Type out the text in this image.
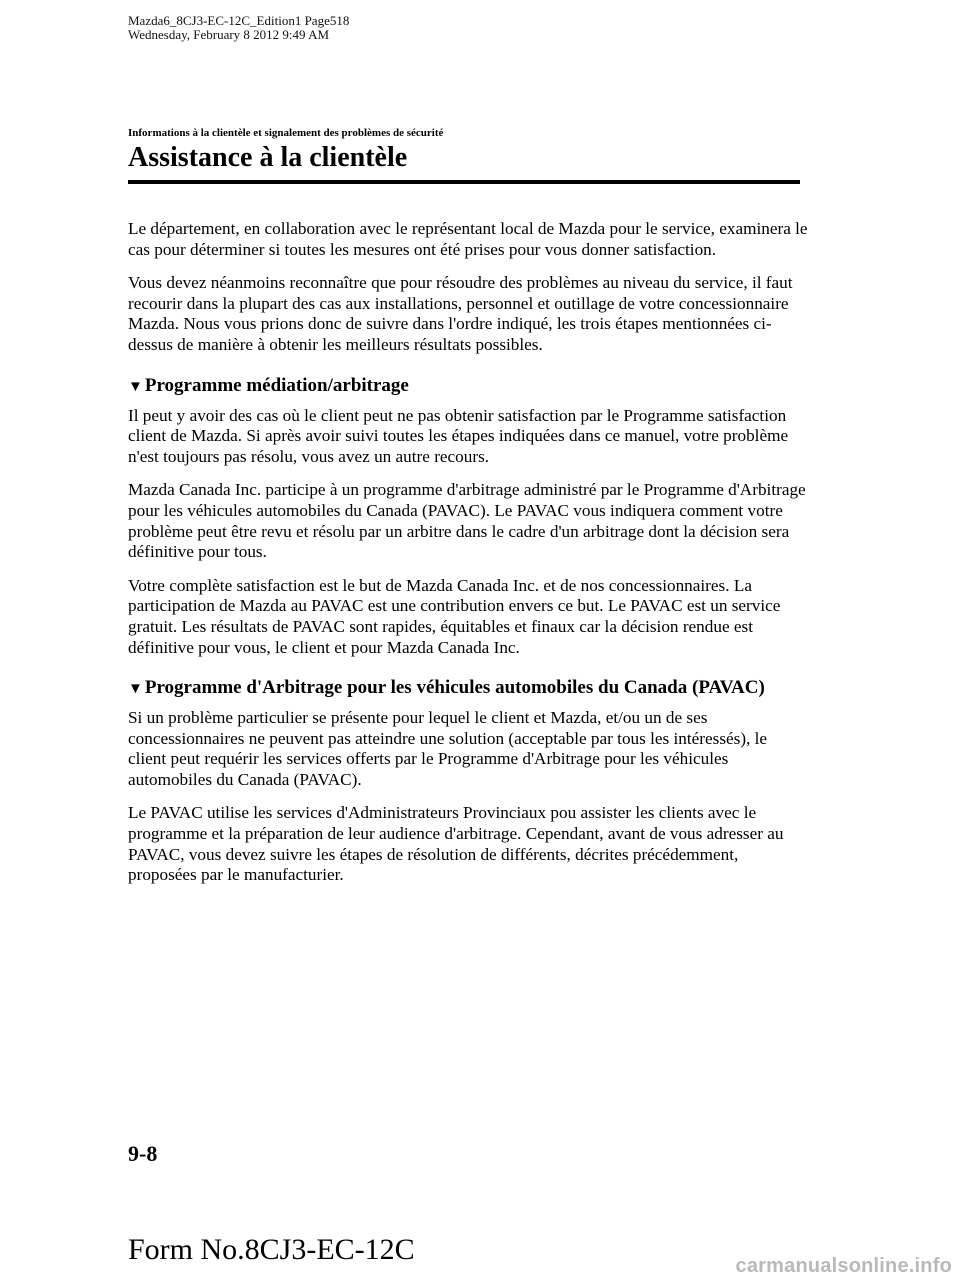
Mazda6_8CJ3-EC-12C_Edition1 Page518
Wednesday, February 8 2012 9:49 AM
Informations à la clientèle et signalement des problèmes de sécurité
Assistance à la clientèle

Le département, en collaboration avec le représentant local de Mazda pour le service, examinera le cas pour déterminer si toutes les mesures ont été prises pour vous donner satisfaction.

Vous devez néanmoins reconnaître que pour résoudre des problèmes au niveau du service, il faut recourir dans la plupart des cas aux installations, personnel et outillage de votre concessionnaire Mazda. Nous vous prions donc de suivre dans l'ordre indiqué, les trois étapes mentionnées ci-dessus de manière à obtenir les meilleurs résultats possibles.

▼ Programme médiation/arbitrage

Il peut y avoir des cas où le client peut ne pas obtenir satisfaction par le Programme satisfaction client de Mazda. Si après avoir suivi toutes les étapes indiquées dans ce manuel, votre problème n'est toujours pas résolu, vous avez un autre recours.

Mazda Canada Inc. participe à un programme d'arbitrage administré par le Programme d'Arbitrage pour les véhicules automobiles du Canada (PAVAC). Le PAVAC vous indiquera comment votre problème peut être revu et résolu par un arbitre dans le cadre d'un arbitrage dont la décision sera définitive pour tous.

Votre complète satisfaction est le but de Mazda Canada Inc. et de nos concessionnaires. La participation de Mazda au PAVAC est une contribution envers ce but. Le PAVAC est un service gratuit. Les résultats de PAVAC sont rapides, équitables et finaux car la décision rendue est définitive pour vous, le client et pour Mazda Canada Inc.

▼ Programme d'Arbitrage pour les véhicules automobiles du Canada (PAVAC)

Si un problème particulier se présente pour lequel le client et Mazda, et/ou un de ses concessionnaires ne peuvent pas atteindre une solution (acceptable par tous les intéressés), le client peut requérir les services offerts par le Programme d'Arbitrage pour les véhicules automobiles du Canada (PAVAC).

Le PAVAC utilise les services d'Administrateurs Provinciaux pou assister les clients avec le programme et la préparation de leur audience d'arbitrage. Cependant, avant de vous adresser au PAVAC, vous devez suivre les étapes de résolution de différents, décrites précédemment, proposées par le manufacturier.

9-8
Form No.8CJ3-EC-12C	carmanualsonline.info
